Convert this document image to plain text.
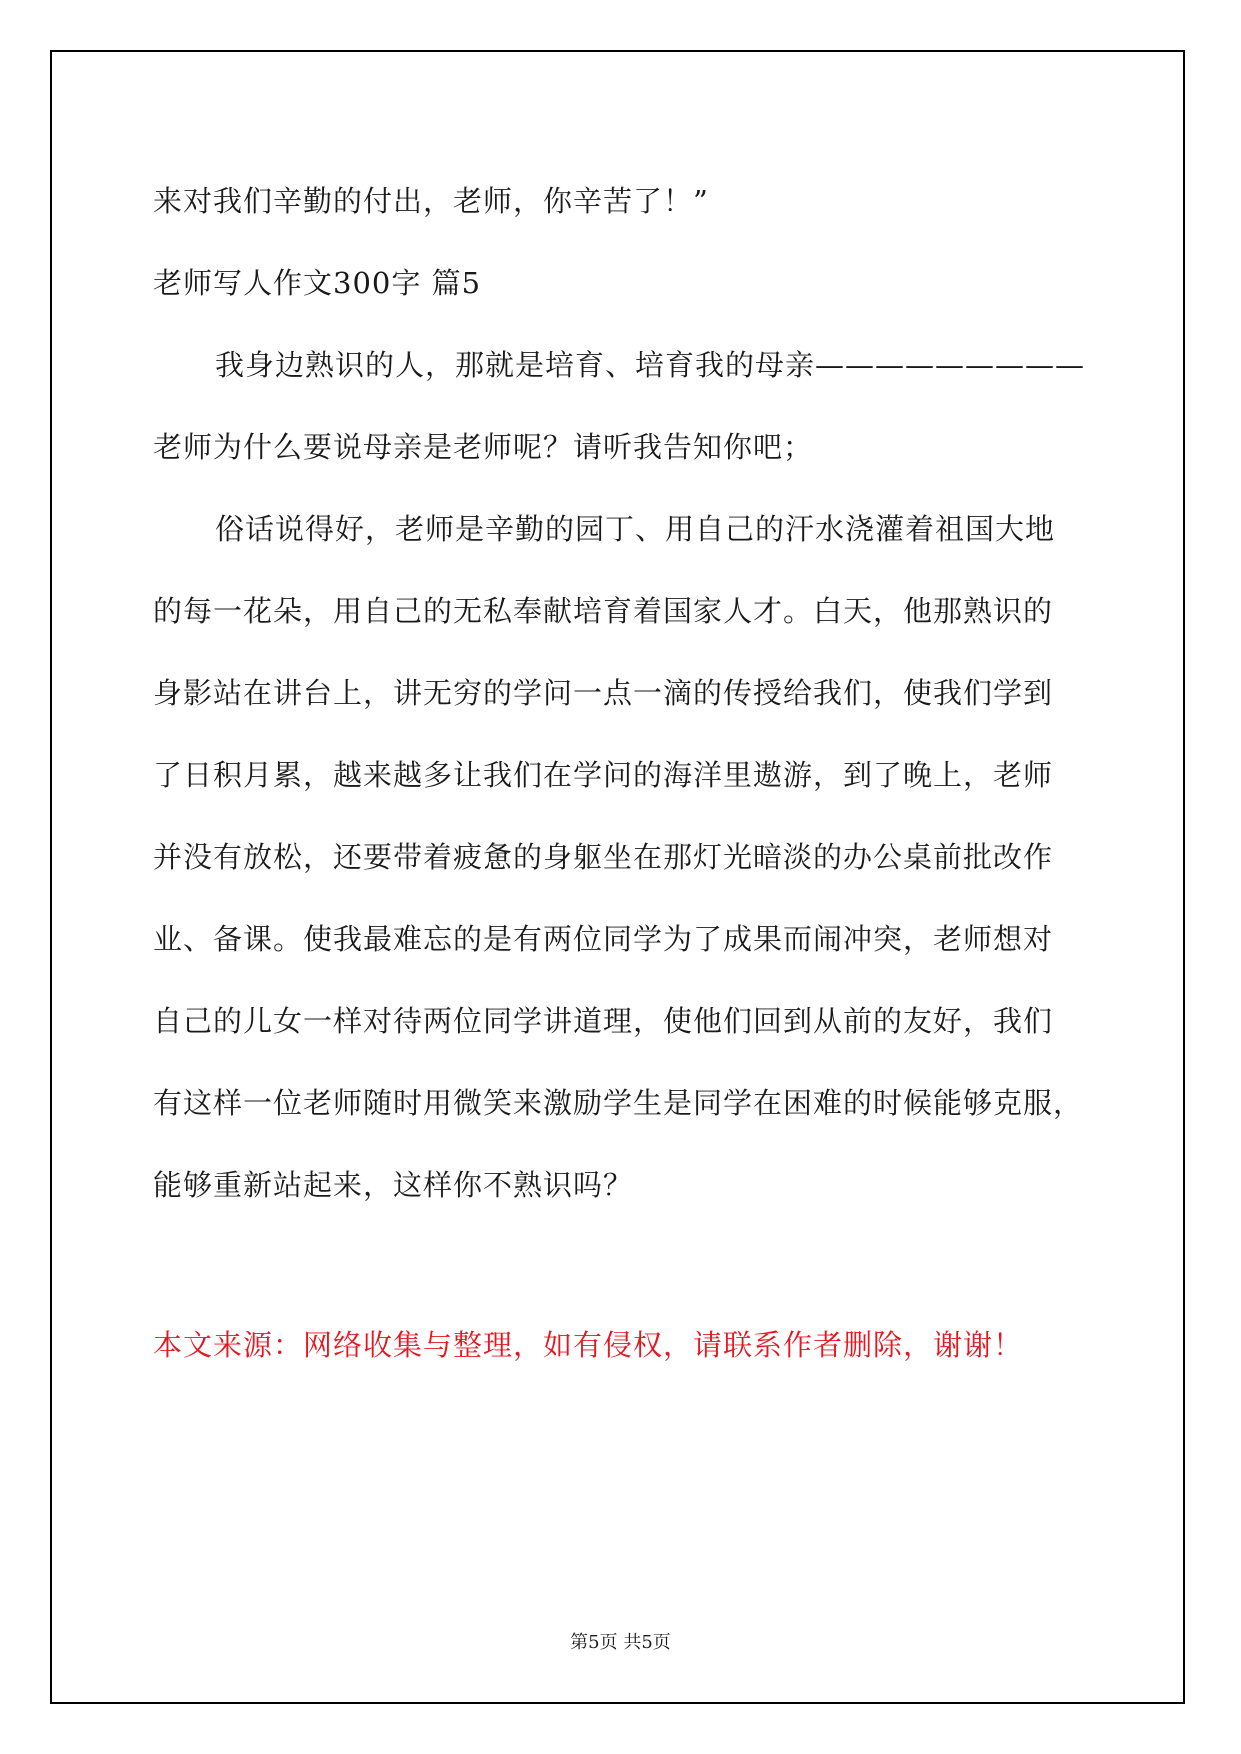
来对我们辛勤的付出，老师，你辛苦了！”
老师写人作文300字 篇5
我身边熟识的人，那就是培育、培育我的母亲—————————
老师为什么要说母亲是老师呢？请听我告知你吧；
俗话说得好，老师是辛勤的园丁、用自己的汗水浇灌着祖国大地
的每一花朵，用自己的无私奉献培育着国家人才。白天，他那熟识的
身影站在讲台上，讲无穷的学问一点一滴的传授给我们，使我们学到
了日积月累，越来越多让我们在学问的海洋里遨游，到了晚上，老师
并没有放松，还要带着疲惫的身躯坐在那灯光暗淡的办公桌前批改作
业、备课。使我最难忘的是有两位同学为了成果而闹冲突，老师想对
自己的儿女一样对待两位同学讲道理，使他们回到从前的友好，我们
有这样一位老师随时用微笑来激励学生是同学在困难的时候能够克服，
能够重新站起来，这样你不熟识吗？
本文来源：网络收集与整理，如有侵权，请联系作者删除，谢谢！
第5页 共5页
